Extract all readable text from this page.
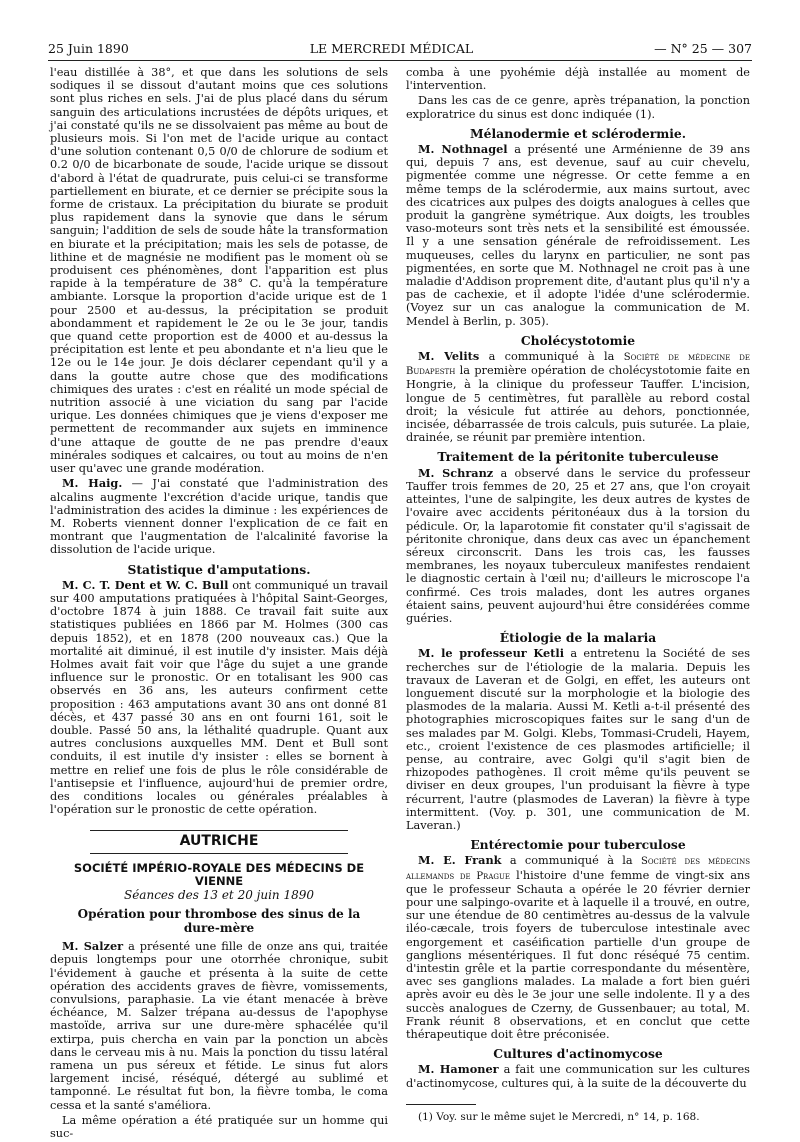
25 Juin 1890	LE MERCREDI MÉDICAL	— N° 25 — 307

l'eau distillée à 38°, et que dans les solutions de sels sodiques il se dissout d'autant moins que ces solutions sont plus riches en sels. J'ai de plus placé dans du sérum sanguin des articulations incrustées de dépôts uriques, et j'ai constaté qu'ils ne se dissolvaient pas même au bout de plusieurs mois. Si l'on met de l'acide urique au contact d'une solution contenant 0,5 0/0 de chlorure de sodium et 0.2 0/0 de bicarbonate de soude, l'acide urique se dissout d'abord à l'état de quadrurate, puis celui-ci se transforme partiellement en biurate, et ce dernier se précipite sous la forme de cristaux. La précipitation du biurate se produit plus rapidement dans la synovie que dans le sérum sanguin; l'addition de sels de soude hâte la transformation en biurate et la précipitation; mais les sels de potasse, de lithine et de magnésie ne modifient pas le moment où se produisent ces phénomènes, dont l'apparition est plus rapide à la température de 38° C. qu'à la température ambiante. Lorsque la proportion d'acide urique est de 1 pour 2500 et au-dessus, la précipitation se produit abondamment et rapidement le 2e ou le 3e jour, tandis que quand cette proportion est de 4000 et au-dessus la précipitation est lente et peu abondante et n'a lieu que le 12e ou le 14e jour. Je dois déclarer cependant qu'il y a dans la goutte autre chose que des modifications chimiques des urates : c'est en réalité un mode spécial de nutrition associé à une viciation du sang par l'acide urique. Les données chimiques que je viens d'exposer me permettent de recommander aux sujets en imminence d'une attaque de goutte de ne pas prendre d'eaux minérales sodiques et calcaires, ou tout au moins de n'en user qu'avec une grande modération.

M. Haig. — J'ai constaté que l'administration des alcalins augmente l'excrétion d'acide urique, tandis que l'administration des acides la diminue : les expériences de M. Roberts viennent donner l'explication de ce fait en montrant que l'augmentation de l'alcalinité favorise la dissolution de l'acide urique.

Statistique d'amputations.

M. C. T. Dent et W. C. Bull ont communiqué un travail sur 400 amputations pratiquées à l'hôpital Saint-Georges, d'octobre 1874 à juin 1888. Ce travail fait suite aux statistiques publiées en 1866 par M. Holmes (300 cas depuis 1852), et en 1878 (200 nouveaux cas.) Que la mortalité ait diminué, il est inutile d'y insister. Mais déjà Holmes avait fait voir que l'âge du sujet a une grande influence sur le pronostic. Or en totalisant les 900 cas observés en 36 ans, les auteurs confirment cette proposition : 463 amputations avant 30 ans ont donné 81 décès, et 437 passé 30 ans en ont fourni 161, soit le double. Passé 50 ans, la léthalité quadruple. Quant aux autres conclusions auxquelles MM. Dent et Bull sont conduits, il est inutile d'y insister : elles se bornent à mettre en relief une fois de plus le rôle considérable de l'antisepsie et l'influence, aujourd'hui de premier ordre, des conditions locales ou générales préalables à l'opération sur le pronostic de cette opération.

AUTRICHE
SOCIÉTÉ IMPÉRIO-ROYALE DES MÉDECINS DE VIENNE
Séances des 13 et 20 juin 1890
Opération pour thrombose des sinus de la dure-mère

M. Salzer a présenté une fille de onze ans qui, traitée depuis longtemps pour une otorrhée chronique, subit l'évidement à gauche et présenta à la suite de cette opération des accidents graves de fièvre, vomissements, convulsions, paraphasie. La vie étant menacée à brève échéance, M. Salzer trépana au-dessus de l'apophyse mastoïde, arriva sur une dure-mère sphacélée qu'il extirpa, puis chercha en vain par la ponction un abcès dans le cerveau mis à nu. Mais la ponction du tissu latéral ramena un pus séreux et fétide. Le sinus fut alors largement incisé, réséqué, détergé au sublimé et tamponné. Le résultat fut bon, la fièvre tomba, le coma cessa et la santé s'améliora.

La même opération a été pratiquée sur un homme qui suc-

comba à une pyohémie déjà installée au moment de l'intervention.

Dans les cas de ce genre, après trépanation, la ponction exploratrice du sinus est donc indiquée (1).

Mélanodermie et sclérodermie.

M. Nothnagel a présenté une Arménienne de 39 ans qui, depuis 7 ans, est devenue, sauf au cuir chevelu, pigmentée comme une négresse. Or cette femme a en même temps de la sclérodermie, aux mains surtout, avec des cicatrices aux pulpes des doigts analogues à celles que produit la gangrène symétrique. Aux doigts, les troubles vaso-moteurs sont très nets et la sensibilité est émoussée. Il y a une sensation générale de refroidissement. Les muqueuses, celles du larynx en particulier, ne sont pas pigmentées, en sorte que M. Nothnagel ne croit pas à une maladie d'Addison proprement dite, d'autant plus qu'il n'y a pas de cachexie, et il adopte l'idée d'une sclérodermie. (Voyez sur un cas analogue la communication de M. Mendel à Berlin, p. 305).

Cholécystotomie

M. Velits a communiqué à la Société de médecine de Budapesth la première opération de cholécystotomie faite en Hongrie, à la clinique du professeur Tauffer. L'incision, longue de 5 centimètres, fut parallèle au rebord costal droit; la vésicule fut attirée au dehors, ponctionnée, incisée, débarrassée de trois calculs, puis suturée. La plaie, drainée, se réunit par première intention.

Traitement de la péritonite tuberculeuse

M. Schranz a observé dans le service du professeur Tauffer trois femmes de 20, 25 et 27 ans, que l'on croyait atteintes, l'une de salpingite, les deux autres de kystes de l'ovaire avec accidents péritonéaux dus à la torsion du pédicule. Or, la laparotomie fit constater qu'il s'agissait de péritonite chronique, dans deux cas avec un épanchement séreux circonscrit. Dans les trois cas, les fausses membranes, les noyaux tuberculeux manifestes rendaient le diagnostic certain à l'œil nu; d'ailleurs le microscope l'a confirmé. Ces trois malades, dont les autres organes étaient sains, peuvent aujourd'hui être considérées comme guéries.

Étiologie de la malaria

M. le professeur Ketli a entretenu la Société de ses recherches sur de l'étiologie de la malaria. Depuis les travaux de Laveran et de Golgi, en effet, les auteurs ont longuement discuté sur la morphologie et la biologie des plasmodes de la malaria. Aussi M. Ketli a-t-il présenté des photographies microscopiques faites sur le sang d'un de ses malades par M. Golgi. Klebs, Tommasi-Crudeli, Hayem, etc., croient l'existence de ces plasmodes artificielle; il pense, au contraire, avec Golgi qu'il s'agit bien de rhizopodes pathogènes. Il croit même qu'ils peuvent se diviser en deux groupes, l'un produisant la fièvre à type récurrent, l'autre (plasmodes de Laveran) la fièvre à type intermittent. (Voy. p. 301, une communication de M. Laveran.)

Entérectomie pour tuberculose

M. E. Frank a communiqué à la Société des médecins allemands de Prague l'histoire d'une femme de vingt-six ans que le professeur Schauta a opérée le 20 février dernier pour une salpingo-ovarite et à laquelle il a trouvé, en outre, sur une étendue de 80 centimètres au-dessus de la valvule iléo-cæcale, trois foyers de tuberculose intestinale avec engorgement et caséification partielle d'un groupe de ganglions mésentériques. Il fut donc réséqué 75 centim. d'intestin grêle et la partie correspondante du mésentère, avec ses ganglions malades. La malade a fort bien guéri après avoir eu dès le 3e jour une selle indolente. Il y a des succès analogues de Czerny, de Gussenbauer; au total, M. Frank réunit 8 observations, et en conclut que cette thérapeutique doit être préconisée.

Cultures d'actinomycose

M. Hamoner a fait une communication sur les cultures d'actinomycose, cultures qui, à la suite de la découverte du

(1) Voy. sur le même sujet le Mercredi, n° 14, p. 168.
